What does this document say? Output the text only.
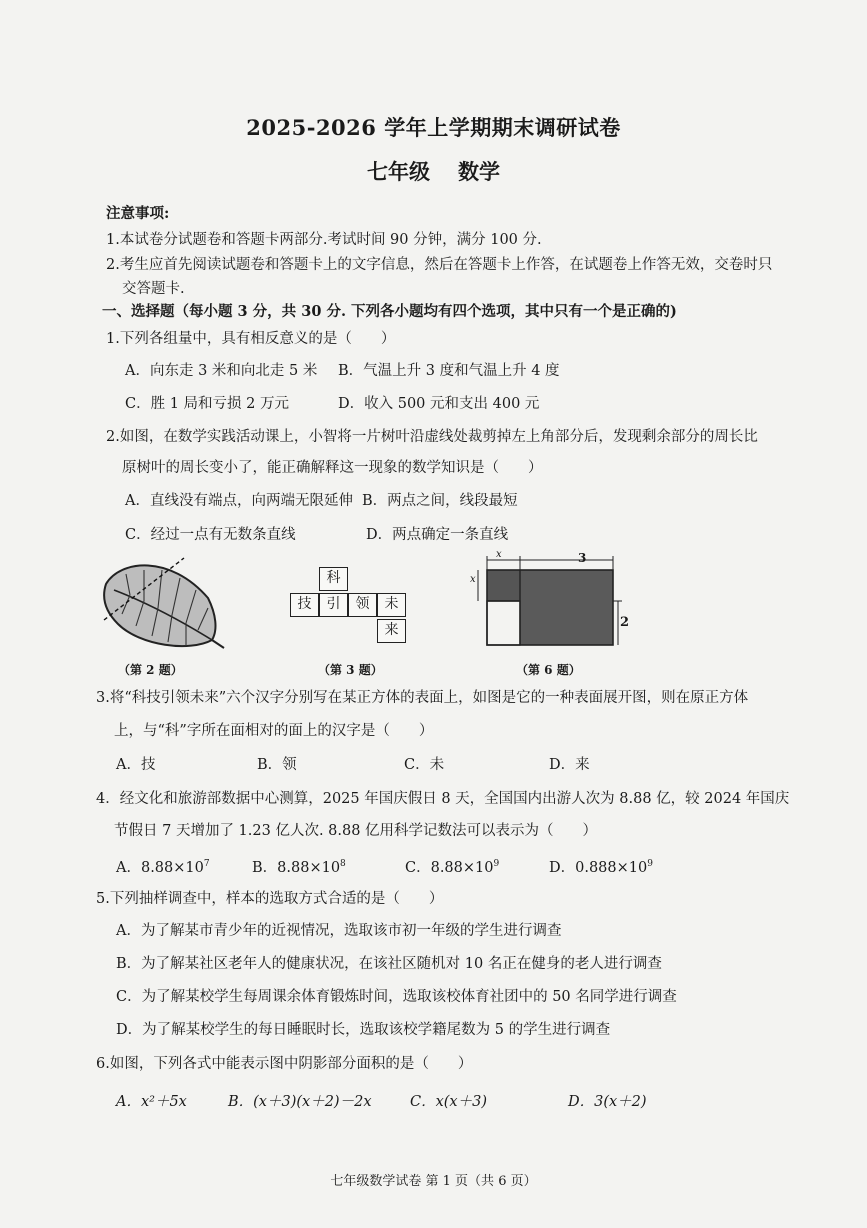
2025-2026 学年上学期期末调研试卷
七年级 数学
注意事项:
1.本试卷分试题卷和答题卡两部分.考试时间 90 分钟，满分 100 分.
2.考生应首先阅读试题卷和答题卡上的文字信息，然后在答题卡上作答，在试题卷上作答无效，交卷时只
交答题卡.
一、选择题（每小题 3 分，共 30 分. 下列各小题均有四个选项，其中只有一个是正确的)
1.下列各组量中，具有相反意义的是（　　）
A．向东走 3 米和向北走 5 米 B．气温上升 3 度和气温上升 4 度
C．胜 1 局和亏损 2 万元	D．收入 500 元和支出 400 元
2.如图，在数学实践活动课上，小智将一片树叶沿虚线处裁剪掉左上角部分后，发现剩余部分的周长比
原树叶的周长变小了，能正确解释这一现象的数学知识是（　　）
A．直线没有端点，向两端无限延伸 B．两点之间，线段最短
C．经过一点有无数条直线	D．两点确定一条直线
（第 2 题）
科
技	引	领	未
来
（第 3 题）
3
x
x
2
（第 6 题）
3.将“科技引领未来”六个汉字分别写在某正方体的表面上，如图是它的一种表面展开图，则在原正方体
上，与“科”字所在面相对的面上的汉字是（　　）
A．技	B．领	C．未	D．来
4．经文化和旅游部数据中心测算，2025 年国庆假日 8 天，全国国内出游人次为 8.88 亿，较 2024 年国庆
节假日 7 天增加了 1.23 亿人次. 8.88 亿用科学记数法可以表示为（　　）
A．$8.88\times 10^7$	B．$8.88\times 10^8$	C．$8.88\times 10^9$	D．$0.888\times 10^9$
5.下列抽样调查中，样本的选取方式合适的是（　　）
A．为了解某市青少年的近视情况，选取该市初一年级的学生进行调查
B．为了解某社区老年人的健康状况，在该社区随机对 10 名正在健身的老人进行调查
C．为了解某校学生每周课余体育锻炼时间，选取该校体育社团中的 50 名同学进行调查
D．为了解某校学生的每日睡眠时长，选取该校学籍尾数为 5 的学生进行调查
6.如图，下列各式中能表示图中阴影部分面积的是（　　）
A．x²＋5x	B．(x＋3)(x＋2)－2x	C．x(x＋3)	D．3(x＋2)
七年级数学试卷 第 1 页（共 6 页）
